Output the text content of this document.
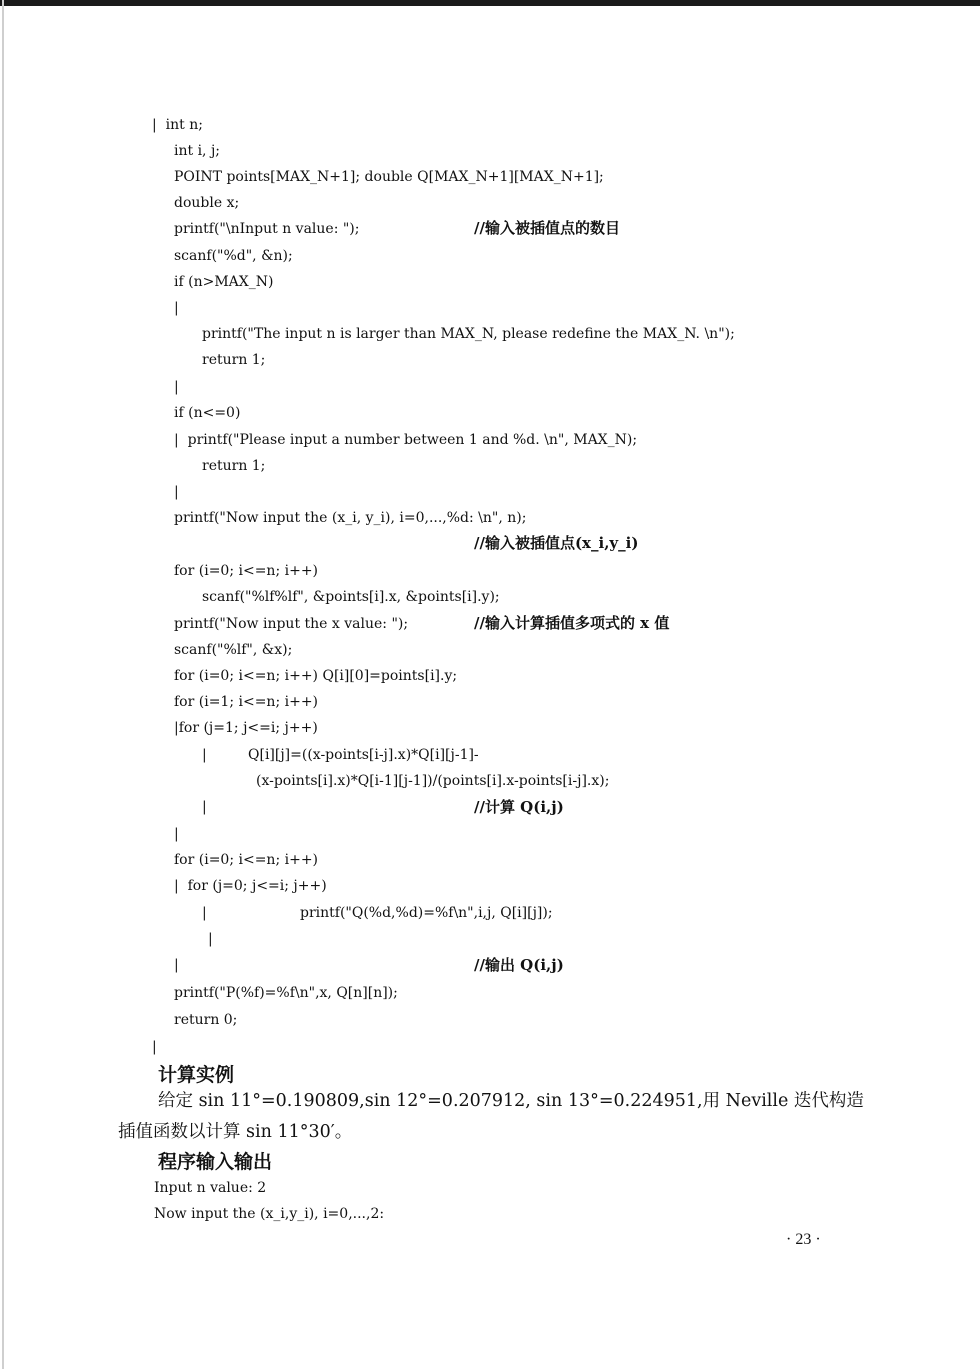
|  int n;
int i, j;
POINT points[MAX_N+1]; double Q[MAX_N+1][MAX_N+1];
double x;
printf("\nInput n value: ");
scanf("%d", &n);
if (n>MAX_N)
|
printf("The input n is larger than MAX_N, please redefine the MAX_N. \n");
return 1;
|
if (n<=0)
|  printf("Please input a number between 1 and %d. \n", MAX_N);
return 1;
|
printf("Now input the (x_i, y_i), i=0,...,%d: \n", n);
for (i=0; i<=n; i++)
scanf("%lf%lf", &points[i].x, &points[i].y);
printf("Now input the x value: ");
scanf("%lf", &x);
for (i=0; i<=n; i++) Q[i][0]=points[i].y;
for (i=1; i<=n; i++)
|for (j=1; j<=i; j++)
|	Q[i][j]=((x-points[i-j].x)*Q[i][j-1]-
(x-points[i].x)*Q[i-1][j-1])/(points[i].x-points[i-j].x);
|
|
for (i=0; i<=n; i++)
|  for (j=0; j<=i; j++)
|	printf("Q(%d,%d)=%f\n",i,j, Q[i][j]);
|
|
printf("P(%f)=%f\n",x, Q[n][n]);
return 0;
|
//输入被插值点的数目
//输入被插值点(x_i,y_i)
//输入计算插值多项式的 x 值
//计算 Q(i,j)
//输出 Q(i,j)
计算实例
给定 sin 11°=0.190809,sin 12°=0.207912, sin 13°=0.224951,用 Neville 迭代构造
插值函数以计算 sin 11°30′。
程序输入输出
Input n value: 2
Now input the (x_i,y_i), i=0,...,2:
· 23 ·
